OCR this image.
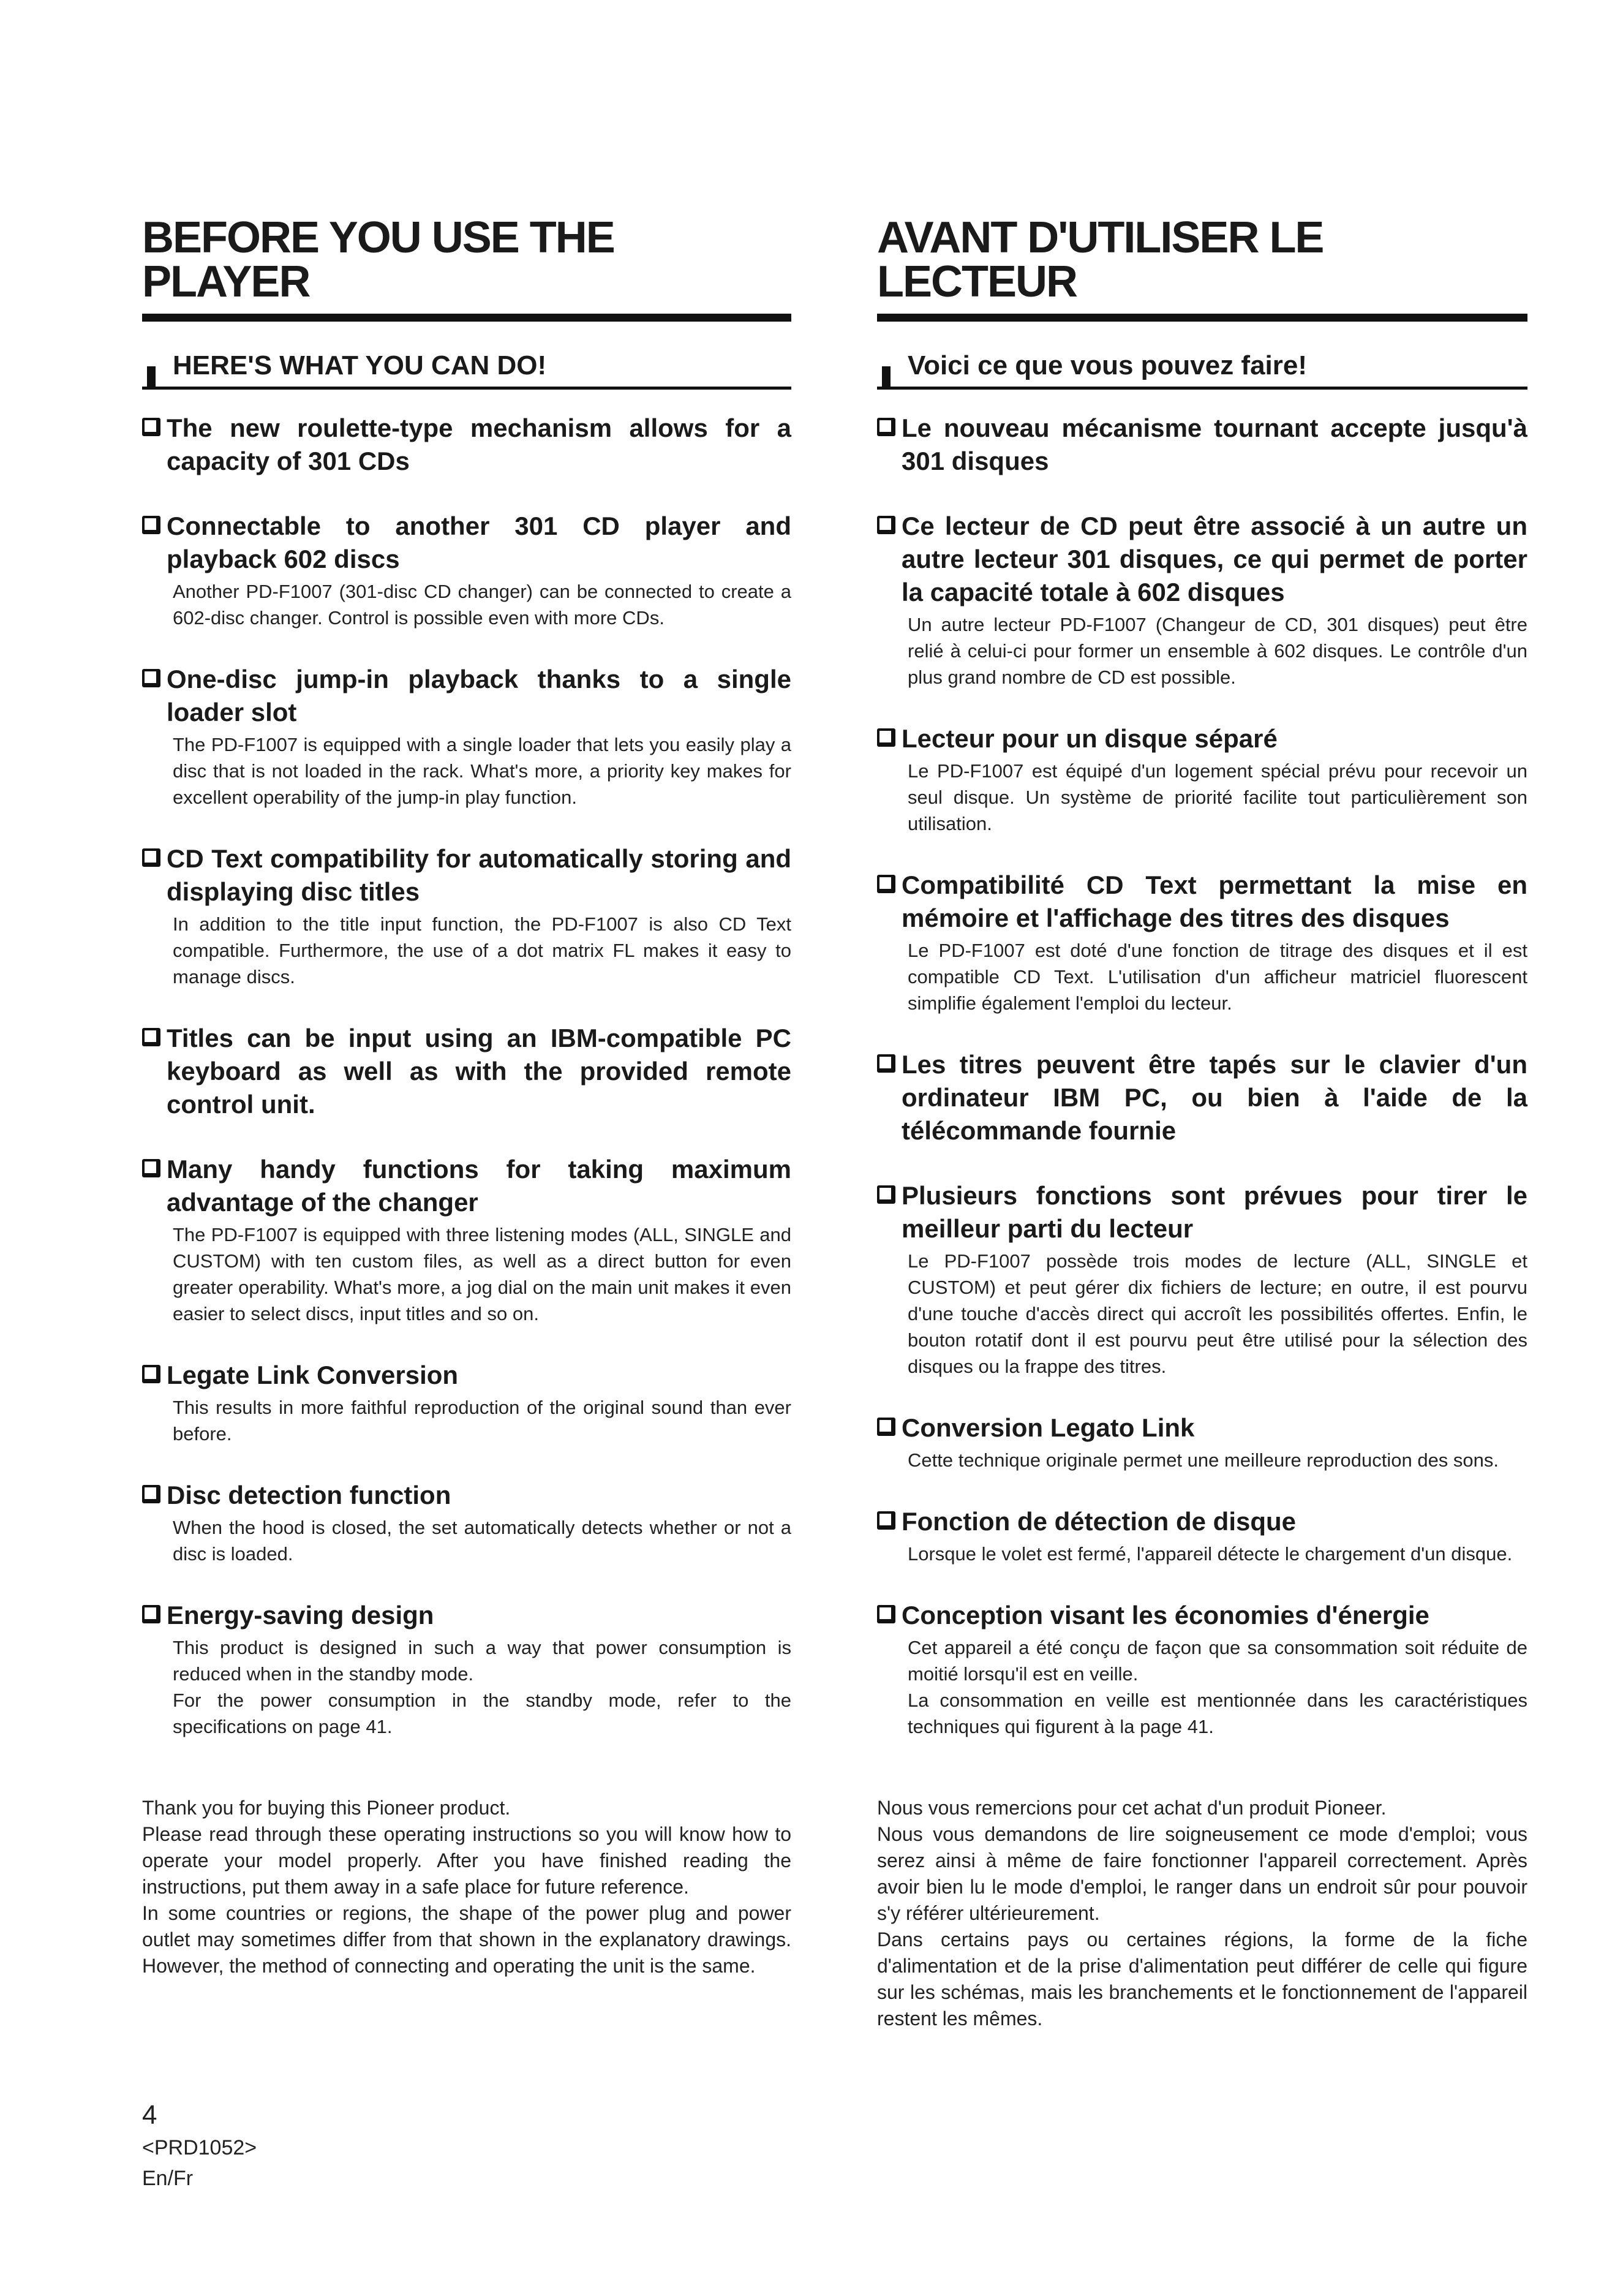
BEFORE YOU USE THE PLAYER
HERE'S WHAT YOU CAN DO!
The new roulette-type mechanism allows for a capacity of 301 CDs
Connectable to another 301 CD player and playback 602 discs

Another PD-F1007 (301-disc CD changer) can be connected to create a 602-disc changer. Control is possible even with more CDs.

One-disc jump-in playback thanks to a single loader slot

The PD-F1007 is equipped with a single loader that lets you easily play a disc that is not loaded in the rack. What's more, a priority key makes for excellent operability of the jump-in play function.

CD Text compatibility for automatically storing and displaying disc titles

In addition to the title input function, the PD-F1007 is also CD Text compatible. Furthermore, the use of a dot matrix FL makes it easy to manage discs.

Titles can be input using an IBM-compatible PC keyboard as well as with the provided remote control unit.
Many handy functions for taking maximum advantage of the changer

The PD-F1007 is equipped with three listening modes (ALL, SINGLE and CUSTOM) with ten custom files, as well as a direct button for even greater operability. What's more, a jog dial on the main unit makes it even easier to select discs, input titles and so on.

Legate Link Conversion

This results in more faithful reproduction of the original sound than ever before.

Disc detection function

When the hood is closed, the set automatically detects whether or not a disc is loaded.

Energy-saving design

This product is designed in such a way that power consumption is reduced when in the standby mode.

For the power consumption in the standby mode, refer to the specifications on page 41.

AVANT D'UTILISER LE LECTEUR
Voici ce que vous pouvez faire!
Le nouveau mécanisme tournant accepte jusqu'à 301 disques
Ce lecteur de CD peut être associé à un autre un autre lecteur 301 disques, ce qui permet de porter la capacité totale à 602 disques

Un autre lecteur PD-F1007 (Changeur de CD, 301 disques) peut être relié à celui-ci pour former un ensemble à 602 disques. Le contrôle d'un plus grand nombre de CD est possible.

Lecteur pour un disque séparé

Le PD-F1007 est équipé d'un logement spécial prévu pour recevoir un seul disque. Un système de priorité facilite tout particulièrement son utilisation.

Compatibilité CD Text permettant la mise en mémoire et l'affichage des titres des disques

Le PD-F1007 est doté d'une fonction de titrage des disques et il est compatible CD Text. L'utilisation d'un afficheur matriciel fluorescent simplifie également l'emploi du lecteur.

Les titres peuvent être tapés sur le clavier d'un ordinateur IBM PC, ou bien à l'aide de la télécommande fournie
Plusieurs fonctions sont prévues pour tirer le meilleur parti du lecteur

Le PD-F1007 possède trois modes de lecture (ALL, SINGLE et CUSTOM) et peut gérer dix fichiers de lecture; en outre, il est pourvu d'une touche d'accès direct qui accroît les possibilités offertes. Enfin, le bouton rotatif dont il est pourvu peut être utilisé pour la sélection des disques ou la frappe des titres.

Conversion Legato Link

Cette technique originale permet une meilleure reproduction des sons.

Fonction de détection de disque

Lorsque le volet est fermé, l'appareil détecte le chargement d'un disque.

Conception visant les économies d'énergie

Cet appareil a été conçu de façon que sa consommation soit réduite de moitié lorsqu'il est en veille.

La consommation en veille est mentionnée dans les caractéristiques techniques qui figurent à la page 41.

Thank you for buying this Pioneer product.

Please read through these operating instructions so you will know how to operate your model properly. After you have finished reading the instructions, put them away in a safe place for future reference.

In some countries or regions, the shape of the power plug and power outlet may sometimes differ from that shown in the explanatory drawings. However, the method of connecting and operating the unit is the same.

Nous vous remercions pour cet achat d'un produit Pioneer.

Nous vous demandons de lire soigneusement ce mode d'emploi; vous serez ainsi à même de faire fonctionner l'appareil correctement. Après avoir bien lu le mode d'emploi, le ranger dans un endroit sûr pour pouvoir s'y référer ultérieurement.

Dans certains pays ou certaines régions, la forme de la fiche d'alimentation et de la prise d'alimentation peut différer de celle qui figure sur les schémas, mais les branchements et le fonctionnement de l'appareil restent les mêmes.

4
<PRD1052>
En/Fr
